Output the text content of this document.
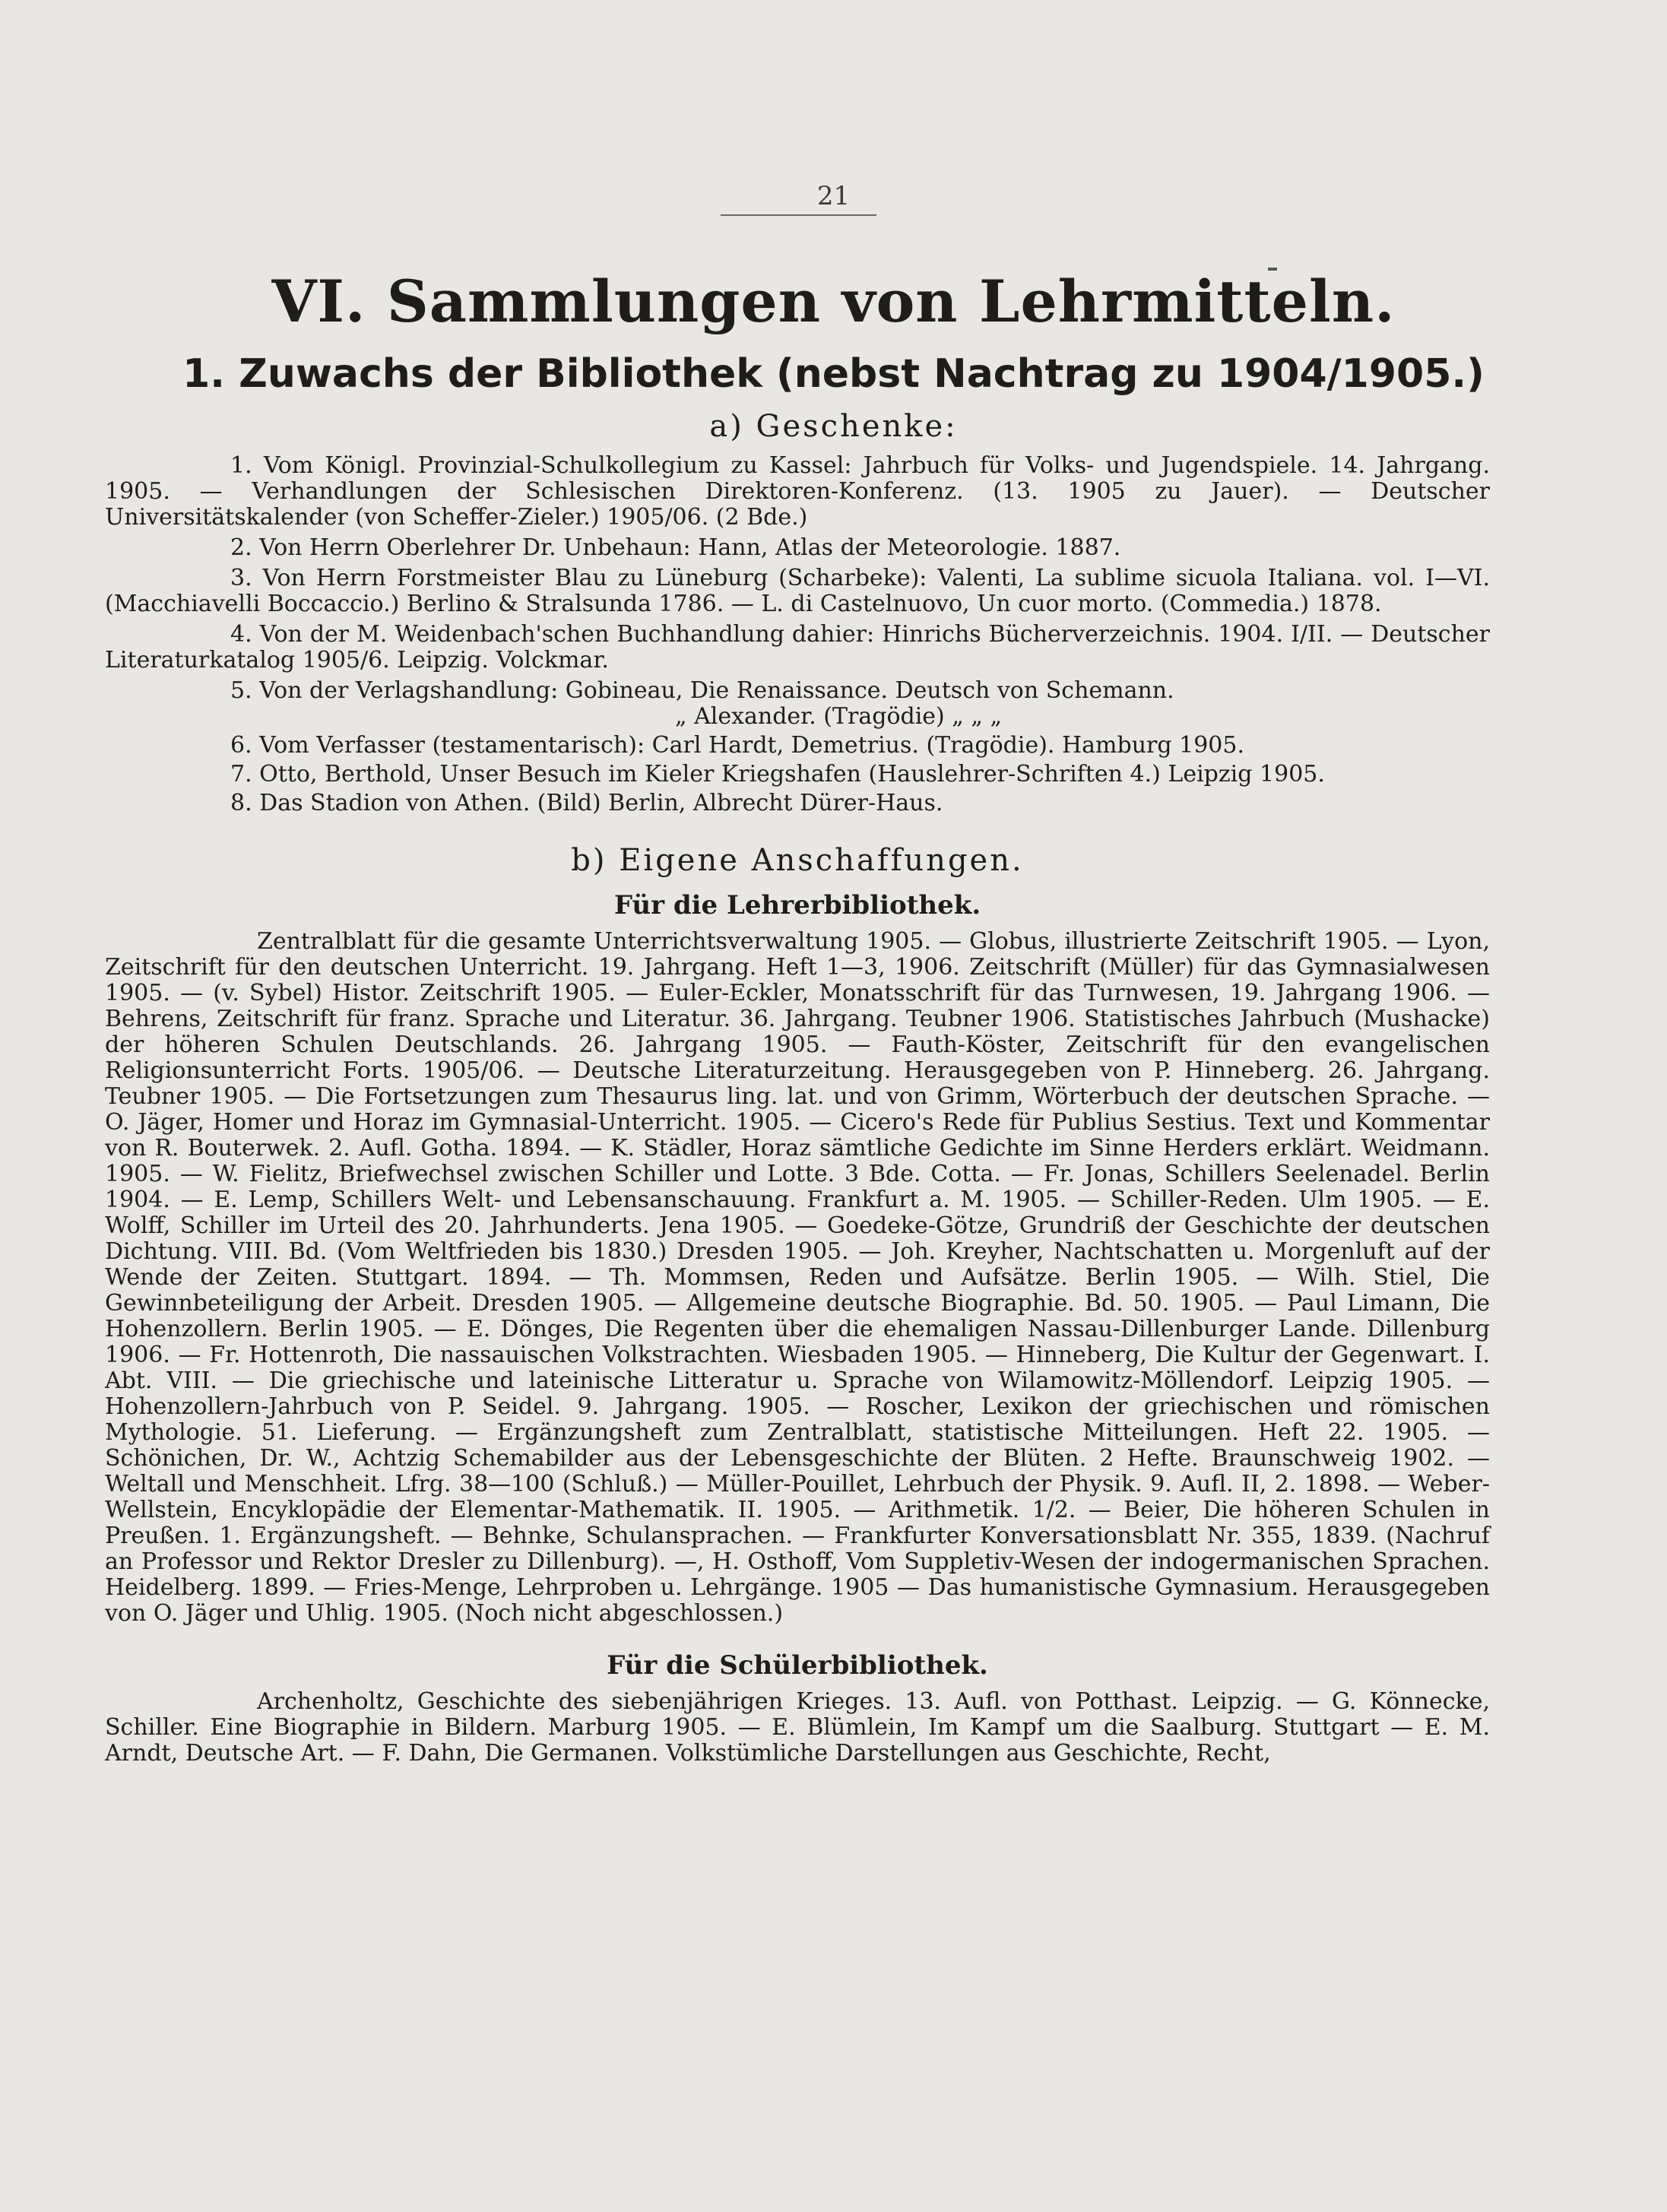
21
VI. Sammlungen von Lehrmitteln.
1. Zuwachs der Bibliothek (nebst Nachtrag zu 1904/1905.)
a) Geschenke:

1. Vom Königl. Provinzial-Schulkollegium zu Kassel: Jahrbuch für Volks- und Jugendspiele. 14. Jahrgang. 1905. — Verhandlungen der Schlesischen Direktoren-Konferenz. (13. 1905 zu Jauer). — Deutscher Universitätskalender (von Scheffer-Zieler.) 1905/06. (2 Bde.)

2. Von Herrn Oberlehrer Dr. Unbehaun: Hann, Atlas der Meteorologie. 1887.

3. Von Herrn Forstmeister Blau zu Lüneburg (Scharbeke): Valenti, La sublime sicuola Italiana. vol. I—VI. (Macchiavelli Boccaccio.) Berlino & Stralsunda 1786. — L. di Castelnuovo, Un cuor morto. (Commedia.) 1878.

4. Von der M. Weidenbach'schen Buchhandlung dahier: Hinrichs Bücherverzeichnis. 1904. I/II. — Deutscher Literaturkatalog 1905/6. Leipzig. Volckmar.

5. Von der Verlagshandlung: Gobineau, Die Renaissance. Deutsch von Schemann.

„ Alexander. (Tragödie) „ „ „

6. Vom Verfasser (testamentarisch): Carl Hardt, Demetrius. (Tragödie). Hamburg 1905.

7. Otto, Berthold, Unser Besuch im Kieler Kriegshafen (Hauslehrer-Schriften 4.) Leipzig 1905.

8. Das Stadion von Athen. (Bild) Berlin, Albrecht Dürer-Haus.

b) Eigene Anschaffungen.

Für die Lehrerbibliothek.

Zentralblatt für die gesamte Unterrichtsverwaltung 1905. — Globus, illustrierte Zeitschrift 1905. — Lyon, Zeitschrift für den deutschen Unterricht. 19. Jahrgang. Heft 1—3, 1906. Zeitschrift (Müller) für das Gymnasialwesen 1905. — (v. Sybel) Histor. Zeitschrift 1905. — Euler-Eckler, Monatsschrift für das Turnwesen, 19. Jahrgang 1906. — Behrens, Zeitschrift für franz. Sprache und Literatur. 36. Jahrgang. Teubner 1906. Statistisches Jahrbuch (Mushacke) der höheren Schulen Deutschlands. 26. Jahrgang 1905. — Fauth-Köster, Zeitschrift für den evangelischen Religionsunterricht Forts. 1905/06. — Deutsche Literaturzeitung. Herausgegeben von P. Hinneberg. 26. Jahrgang. Teubner 1905. — Die Fortsetzungen zum Thesaurus ling. lat. und von Grimm, Wörterbuch der deutschen Sprache. — O. Jäger, Homer und Horaz im Gymnasial-Unterricht. 1905. — Cicero's Rede für Publius Sestius. Text und Kommentar von R. Bouterwek. 2. Aufl. Gotha. 1894. — K. Städler, Horaz sämtliche Gedichte im Sinne Herders erklärt. Weidmann. 1905. — W. Fielitz, Briefwechsel zwischen Schiller und Lotte. 3 Bde. Cotta. — Fr. Jonas, Schillers Seelenadel. Berlin 1904. — E. Lemp, Schillers Welt- und Lebensanschauung. Frankfurt a. M. 1905. — Schiller-Reden. Ulm 1905. — E. Wolff, Schiller im Urteil des 20. Jahrhunderts. Jena 1905. — Goedeke-Götze, Grundriß der Geschichte der deutschen Dichtung. VIII. Bd. (Vom Weltfrieden bis 1830.) Dresden 1905. — Joh. Kreyher, Nachtschatten u. Morgenluft auf der Wende der Zeiten. Stuttgart. 1894. — Th. Mommsen, Reden und Aufsätze. Berlin 1905. — Wilh. Stiel, Die Gewinnbeteiligung der Arbeit. Dresden 1905. — Allgemeine deutsche Biographie. Bd. 50. 1905. — Paul Limann, Die Hohenzollern. Berlin 1905. — E. Dönges, Die Regenten über die ehemaligen Nassau-Dillenburger Lande. Dillenburg 1906. — Fr. Hottenroth, Die nassauischen Volkstrachten. Wiesbaden 1905. — Hinneberg, Die Kultur der Gegenwart. I. Abt. VIII. — Die griechische und lateinische Litteratur u. Sprache von Wilamowitz-Möllendorf. Leipzig 1905. — Hohenzollern-Jahrbuch von P. Seidel. 9. Jahrgang. 1905. — Roscher, Lexikon der griechischen und römischen Mythologie. 51. Lieferung. — Ergänzungsheft zum Zentralblatt, statistische Mitteilungen. Heft 22. 1905. — Schönichen, Dr. W., Achtzig Schemabilder aus der Lebensgeschichte der Blüten. 2 Hefte. Braunschweig 1902. — Weltall und Menschheit. Lfrg. 38—100 (Schluß.) — Müller-Pouillet, Lehrbuch der Physik. 9. Aufl. II, 2. 1898. — Weber-Wellstein, Encyklopädie der Elementar-Mathematik. II. 1905. — Arithmetik. 1/2. — Beier, Die höheren Schulen in Preußen. 1. Ergänzungsheft. — Behnke, Schulansprachen. — Frankfurter Konversationsblatt Nr. 355, 1839. (Nachruf an Professor und Rektor Dresler zu Dillenburg). —, H. Osthoff, Vom Suppletiv-Wesen der indogermanischen Sprachen. Heidelberg. 1899. — Fries-Menge, Lehrproben u. Lehrgänge. 1905 — Das humanistische Gymnasium. Herausgegeben von O. Jäger und Uhlig. 1905. (Noch nicht abgeschlossen.)

Für die Schülerbibliothek.

Archenholtz, Geschichte des siebenjährigen Krieges. 13. Aufl. von Potthast. Leipzig. — G. Könnecke, Schiller. Eine Biographie in Bildern. Marburg 1905. — E. Blümlein, Im Kampf um die Saalburg. Stuttgart — E. M. Arndt, Deutsche Art. — F. Dahn, Die Germanen. Volkstümliche Darstellungen aus Geschichte, Recht,
